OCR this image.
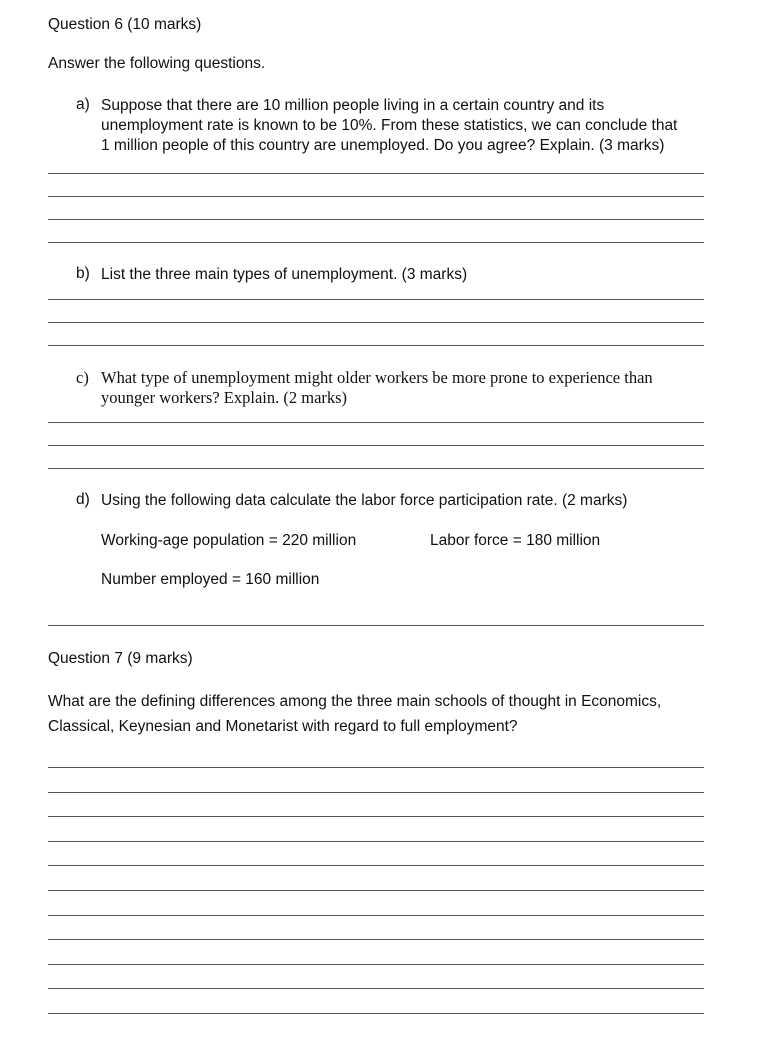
Question 6 (10 marks)
Answer the following questions.
a) Suppose that there are 10 million people living in a certain country and its
unemployment rate is known to be 10%. From these statistics, we can conclude that
1 million people of this country are unemployed. Do you agree? Explain. (3 marks)
b) List the three main types of unemployment. (3 marks)
c) What type of unemployment might older workers be more prone to experience than
younger workers? Explain. (2 marks)
d) Using the following data calculate the labor force participation rate. (2 marks)
Working-age population = 220 million	Labor force = 180 million
Number employed = 160 million
Question 7 (9 marks)
What are the defining differences among the three main schools of thought in Economics,
Classical, Keynesian and Monetarist with regard to full employment?
